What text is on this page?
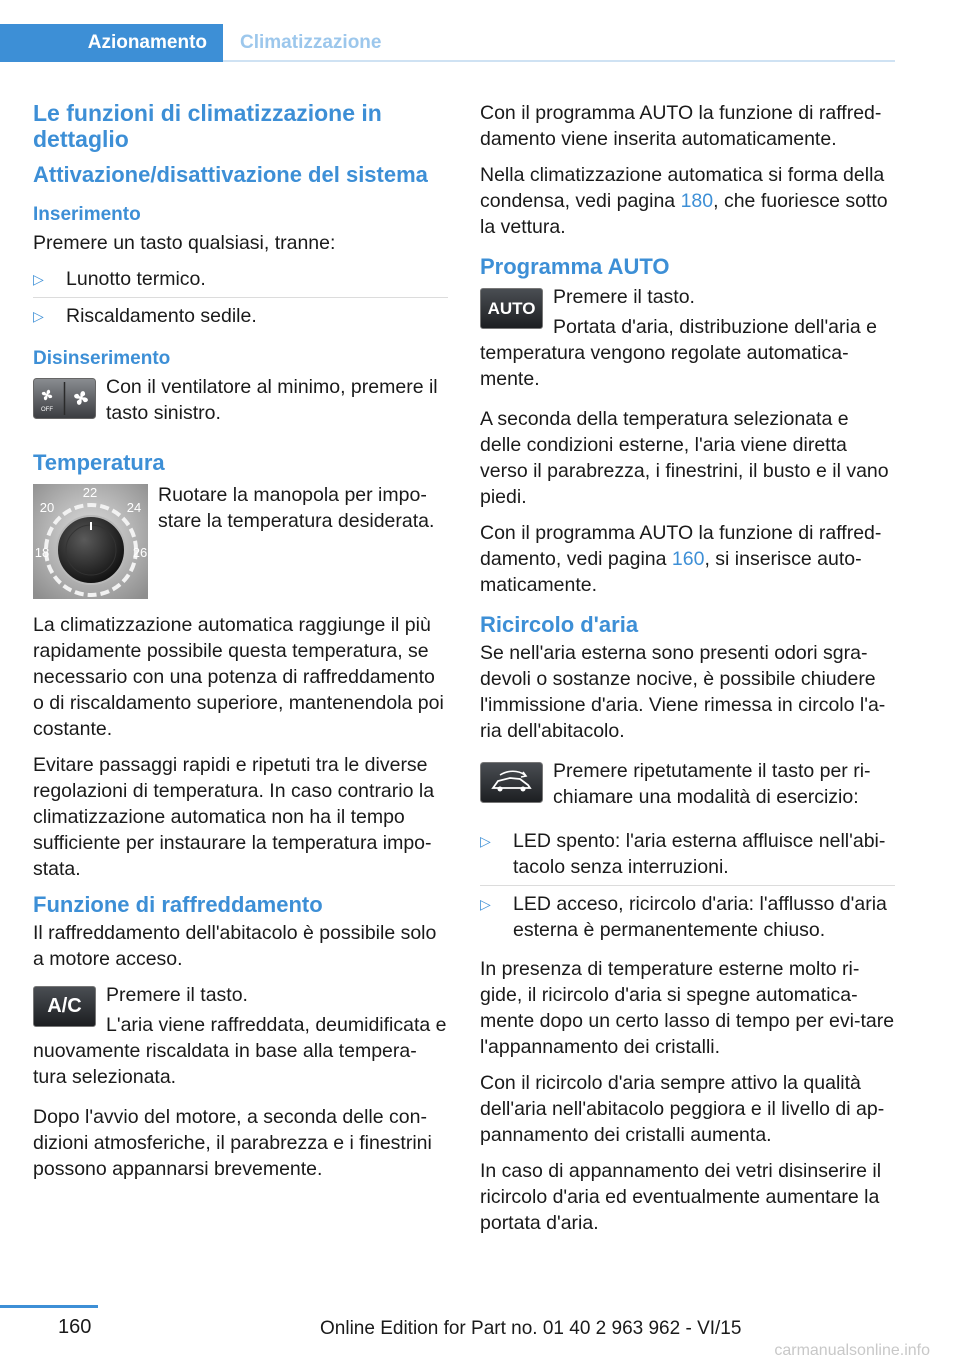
Azionamento	Climatizzazione
Le funzioni di climatizzazione in dettaglio
Attivazione/disattivazione del sistema
Inserimento

Premere un tasto qualsiasi, tranne:

▷ Lunotto termico.
▷ Riscaldamento sedile.
Disinserimento
OFF

Con il ventilatore al minimo, premere il tasto sinistro.

Temperatura
22
20	24
18	26

Ruotare la manopola per impo-stare la temperatura desiderata.

La climatizzazione automatica raggiunge il più rapidamente possibile questa temperatura, se necessario con una potenza di raffreddamento o di riscaldamento superiore, mantenendola poi costante.

Evitare passaggi rapidi e ripetuti tra le diverse regolazioni di temperatura. In caso contrario la climatizzazione automatica non ha il tempo sufficiente per instaurare la temperatura impo-stata.

Funzione di raffreddamento

Il raffreddamento dell'abitacolo è possibile solo a motore acceso.

A/C	Premere il tasto.

L'aria viene raffreddata, deumidificata e nuovamente riscaldata in base alla tempera-tura selezionata.

Dopo l'avvio del motore, a seconda delle con-dizioni atmosferiche, il parabrezza e i finestrini possono appannarsi brevemente.

Con il programma AUTO la funzione di raffred-damento viene inserita automaticamente.

Nella climatizzazione automatica si forma della condensa, vedi pagina 180, che fuoriesce sotto la vettura.

Programma AUTO
AUTO

Premere il tasto.

Portata d'aria, distribuzione dell'aria e temperatura vengono regolate automatica-mente.

A seconda della temperatura selezionata e delle condizioni esterne, l'aria viene diretta verso il parabrezza, i finestrini, il busto e il vano piedi.

Con il programma AUTO la funzione di raffred-damento, vedi pagina 160, si inserisce auto-maticamente.

Ricircolo d'aria

Se nell'aria esterna sono presenti odori sgra-devoli o sostanze nocive, è possibile chiudere l'immissione d'aria. Viene rimessa in circolo l'a-ria dell'abitacolo.

Premere ripetutamente il tasto per ri-chiamare una modalità di esercizio:

▷ LED spento: l'aria esterna affluisce nell'abi-tacolo senza interruzioni.
▷ LED acceso, ricircolo d'aria: l'afflusso d'aria esterna è permanentemente chiuso.

In presenza di temperature esterne molto ri-gide, il ricircolo d'aria si spegne automatica-mente dopo un certo lasso di tempo per evi-tare l'appannamento dei cristalli.

Con il ricircolo d'aria sempre attivo la qualità dell'aria nell'abitacolo peggiora e il livello di ap-pannamento dei cristalli aumenta.

In caso di appannamento dei vetri disinserire il ricircolo d'aria ed eventualmente aumentare la portata d'aria.

160	Online Edition for Part no. 01 40 2 963 962 - VI/15
carmanualsonline.info
